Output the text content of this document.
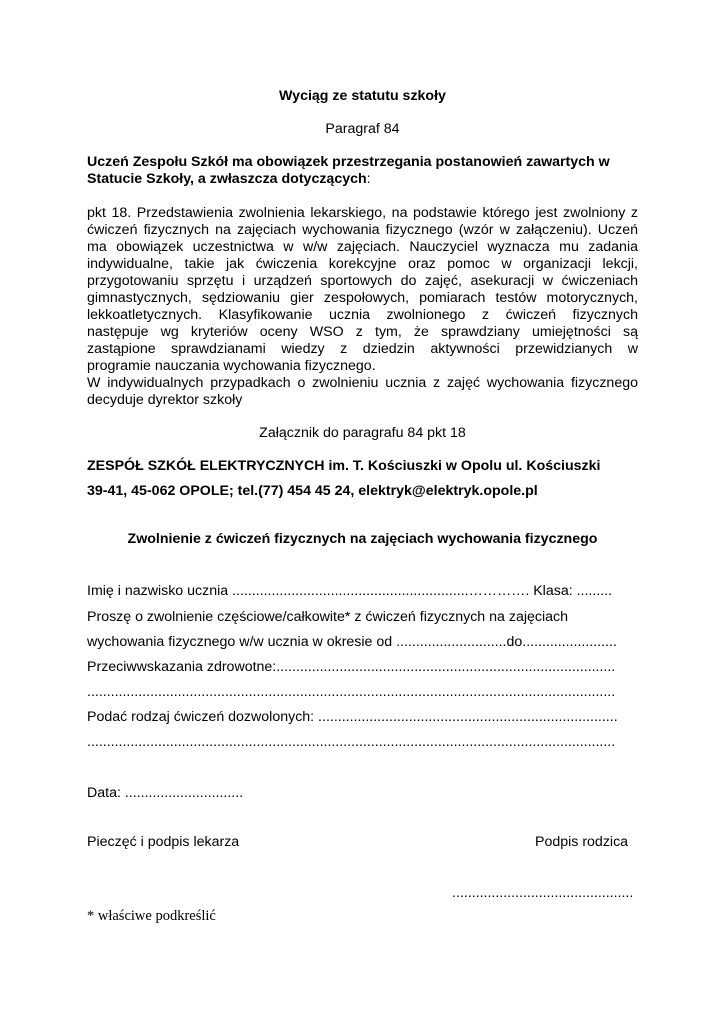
Wyciąg ze statutu szkoły
Paragraf 84
Uczeń Zespołu Szkół ma obowiązek przestrzegania postanowień zawartych w
Statucie Szkoły, a zwłaszcza dotyczących:
pkt 18. Przedstawienia zwolnienia lekarskiego, na podstawie którego jest zwolniony z
ćwiczeń fizycznych na zajęciach wychowania fizycznego (wzór w załączeniu). Uczeń
ma obowiązek uczestnictwa w w/w zajęciach. Nauczyciel wyznacza mu zadania
indywidualne, takie jak ćwiczenia korekcyjne oraz pomoc w organizacji lekcji,
przygotowaniu sprzętu i urządzeń sportowych do zajęć, asekuracji w ćwiczeniach
gimnastycznych, sędziowaniu gier zespołowych, pomiarach testów motorycznych,
lekkoatletycznych. Klasyfikowanie ucznia zwolnionego z ćwiczeń fizycznych
następuje wg kryteriów oceny WSO z tym, że sprawdziany umiejętności są
zastąpione sprawdzianami wiedzy z dziedzin aktywności przewidzianych w
programie nauczania wychowania fizycznego.
W indywidualnych przypadkach o zwolnieniu ucznia z zajęć wychowania fizycznego
decyduje dyrektor szkoły
Załącznik do paragrafu 84 pkt 18
ZESPÓŁ SZKÓŁ ELEKTRYCZNYCH im. T. Kościuszki w Opolu ul. Kościuszki
39-41, 45-062 OPOLE; tel.(77) 454 45 24, elektryk@elektryk.opole.pl
Zwolnienie z ćwiczeń fizycznych na zajęciach wychowania fizycznego
Imię i nazwisko ucznia ............................................................…………. Klasa: .........
Proszę o zwolnienie częściowe/całkowite* z ćwiczeń fizycznych na zajęciach
wychowania fizycznego w/w ucznia w okresie od ............................do........................
Przeciwwskazania zdrowotne:......................................................................................
......................................................................................................................................
Podać rodzaj ćwiczeń dozwolonych: ............................................................................
......................................................................................................................................
Data: ..............................
Pieczęć i podpis lekarza	Podpis rodzica
..............................................
* właściwe podkreślić
